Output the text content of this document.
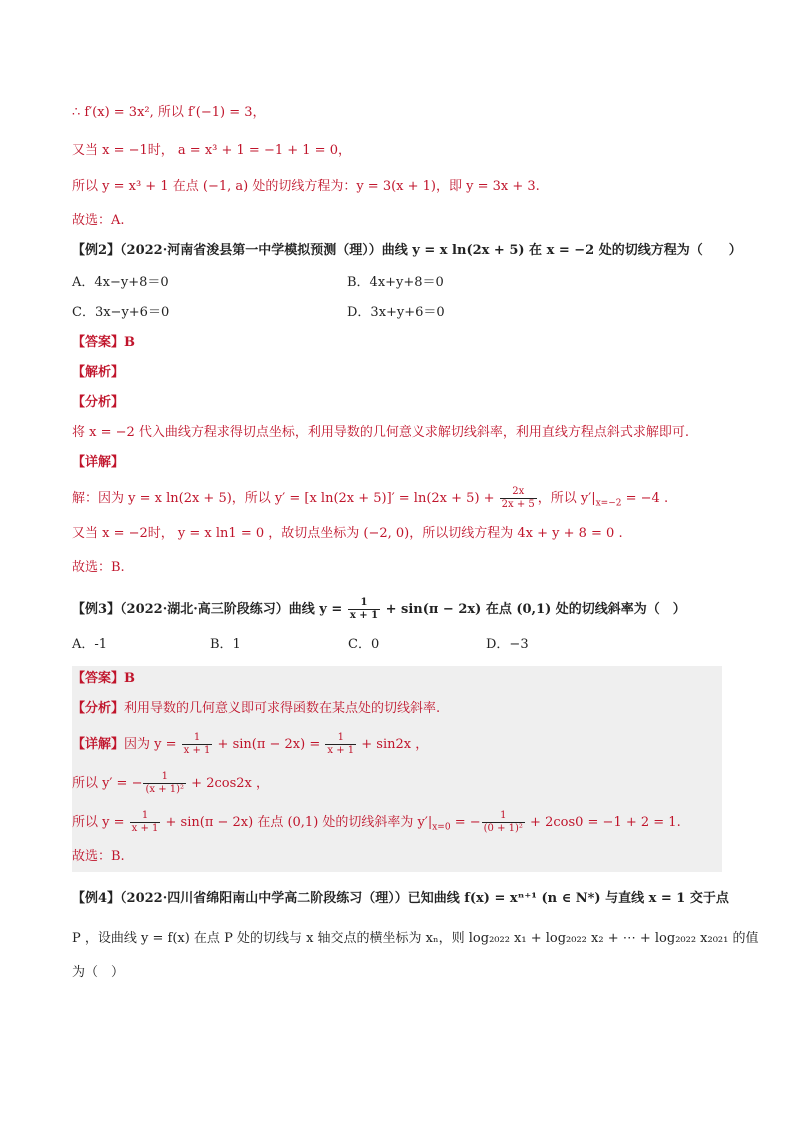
∴ f′(x) = 3x², 所以 f′(−1) = 3，
又当 x = −1时， a = x³ + 1 = −1 + 1 = 0，
所以 y = x³ + 1 在点 (−1, a) 处的切线方程为：y = 3(x + 1)，即 y = 3x + 3.
故选：A.
【例2】（2022·河南省浚县第一中学模拟预测（理））曲线 y = x ln(2x + 5) 在 x = −2 处的切线方程为（　　）
A．4x−y+8＝0	B．4x+y+8＝0
C．3x−y+6＝0	D．3x+y+6＝0
【答案】B
【解析】
【分析】
将 x = −2 代入曲线方程求得切点坐标，利用导数的几何意义求解切线斜率，利用直线方程点斜式求解即可.
【详解】
解：因为 y = x ln(2x + 5)，所以 y′ = [x $\ln(2x + 5)]' = \ln(2x + 5) + \frac{2x}{2x + 5}$ ，所以 $y'|_{x=-2} = -4$ .
又当 x = −2时， y = x ln1 = 0 ，故切点坐标为 (−2, 0)，所以切线方程为 4x + y + 8 = 0 .
故选：B.
【例3】（2022·湖北·高三阶段练习）曲线 $y = \frac{1}{x + 1} + \sin(\pi - 2x)$ 在点 (0,1) 处的切线斜率为（　）
A．-1	B．1	C．0	D．−3
【答案】B
【分析】利用导数的几何意义即可求得函数在某点处的切线斜率.
【详解】因为 $y = \frac{1}{x + 1} + \sin(\pi - 2x) = \frac{1}{x + 1} + \sin 2x$ ，
所以 y′ = − $\frac{1}{\text{(x + 1)²}} + 2\cos 2x$ ，
所以 $y = \frac{1}{x + 1} + \sin(\pi - 2x)$ 在点 (0,1) 处的切线斜率为 $y'|_{x=0}$ = − $\frac{1}{\text{(0 + 1)²}} + 2\cos 0 = -1 + 2 = 1$.
故选：B.
【例4】（2022·四川省绵阳南山中学高二阶段练习（理））已知曲线 f(x) = xⁿ⁺¹ (n ∈ N*) 与直线 x = 1 交于点
P ，设曲线 y = f(x) 在点 P 处的切线与 x 轴交点的横坐标为 xₙ，则 log₂₀₂₂ x₁ + log₂₀₂₂ x₂ + ⋯ + log₂₀₂₂ x₂₀₂₁ 的值
为（　）
